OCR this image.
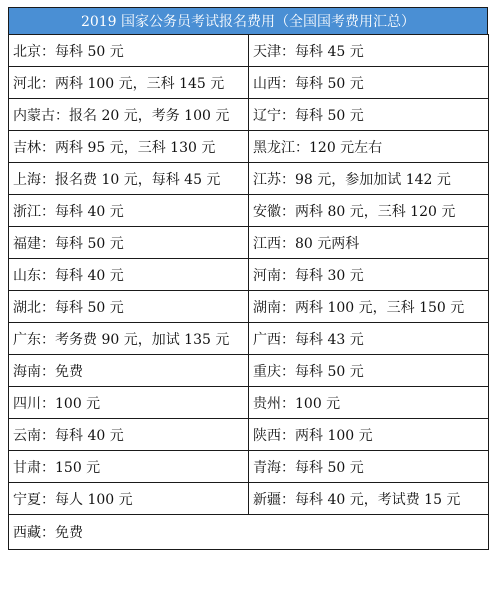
2019 国家公务员考试报名费用（全国国考费用汇总）
北京：每科 50 元	天津：每科 45 元
河北：两科 100 元，三科 145 元	山西：每科 50 元
内蒙古：报名 20 元，考务 100 元	辽宁：每科 50 元
吉林：两科 95 元，三科 130 元	黑龙江：120 元左右
上海：报名费 10 元，每科 45 元	江苏：98 元，参加加试 142 元
浙江：每科 40 元	安徽：两科 80 元，三科 120 元
福建：每科 50 元	江西：80 元两科
山东：每科 40 元	河南：每科 30 元
湖北：每科 50 元	湖南：两科 100 元，三科 150 元
广东：考务费 90 元，加试 135 元	广西：每科 43 元
海南：免费	重庆：每科 50 元
四川：100 元	贵州：100 元
云南：每科 40 元	陕西：两科 100 元
甘肃：150 元	青海：每科 50 元
宁夏：每人 100 元	新疆：每科 40 元，考试费 15 元
西藏：免费	
